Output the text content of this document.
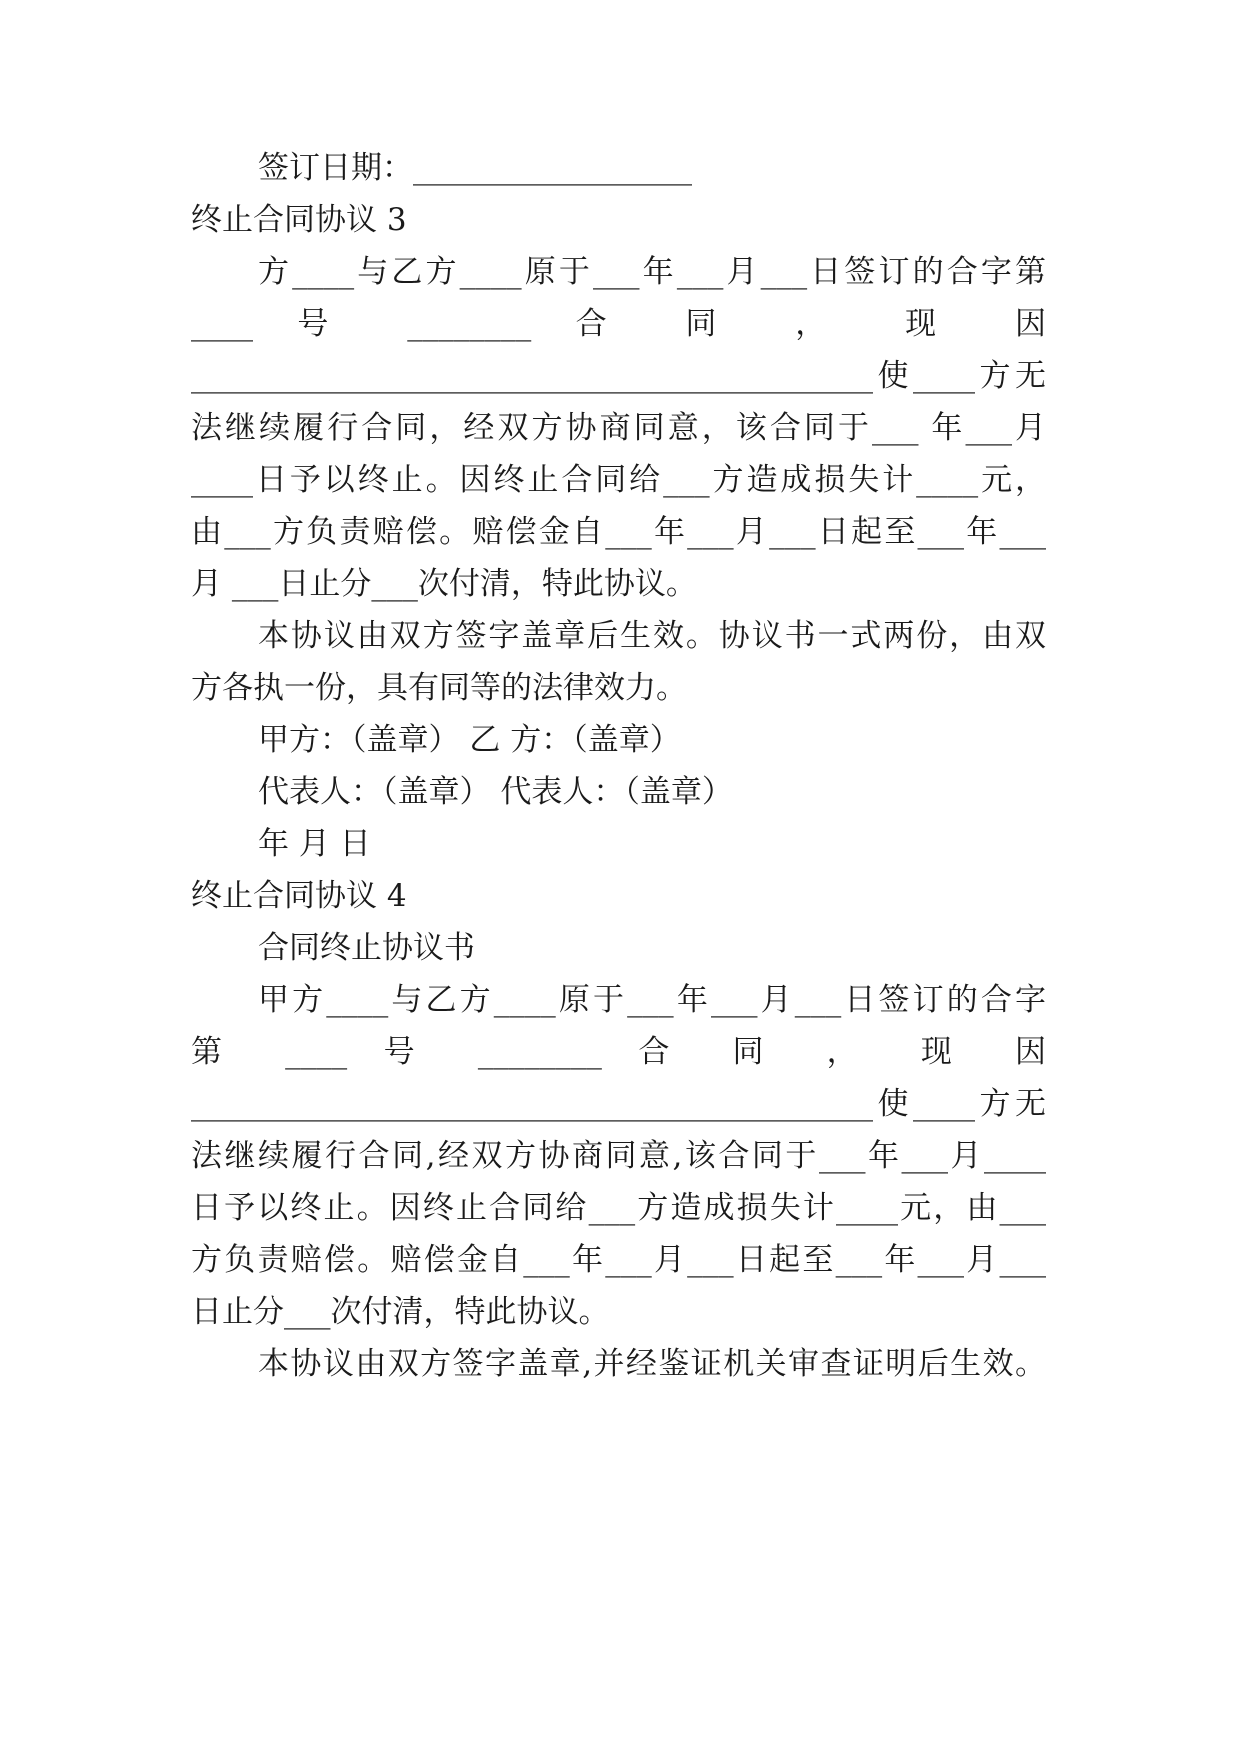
签订日期：__________________
终止合同协议 3
方____与乙方____原于___年___月___日签订的合字第
____ 号 ________ 合 同 ， 现 因
____________________________________________使____方无
法继续履行合同，经双方协商同意，该合同于___ 年___月
____日予以终止。因终止合同给___方造成损失计____元，
由___方负责赔偿。赔偿金自___年___月___日起至___年___
月 ___日止分___次付清，特此协议。
本协议由双方签字盖章后生效。协议书一式两份，由双
方各执一份，具有同等的法律效力。
甲方：（盖章） 乙 方：（盖章）
代表人：（盖章） 代表人：（盖章）
年 月 日
终止合同协议 4
合同终止协议书
甲方____与乙方____原于___年___月___日签订的合字
第 ____ 号 ________ 合 同 ， 现 因
____________________________________________使____方无
法继续履行合同,经双方协商同意,该合同于___年___月____
日予以终止。因终止合同给___方造成损失计____元，由___
方负责赔偿。赔偿金自___年___月___日起至___年___月___
日止分___次付清，特此协议。
本协议由双方签字盖章,并经鉴证机关审查证明后生效。
